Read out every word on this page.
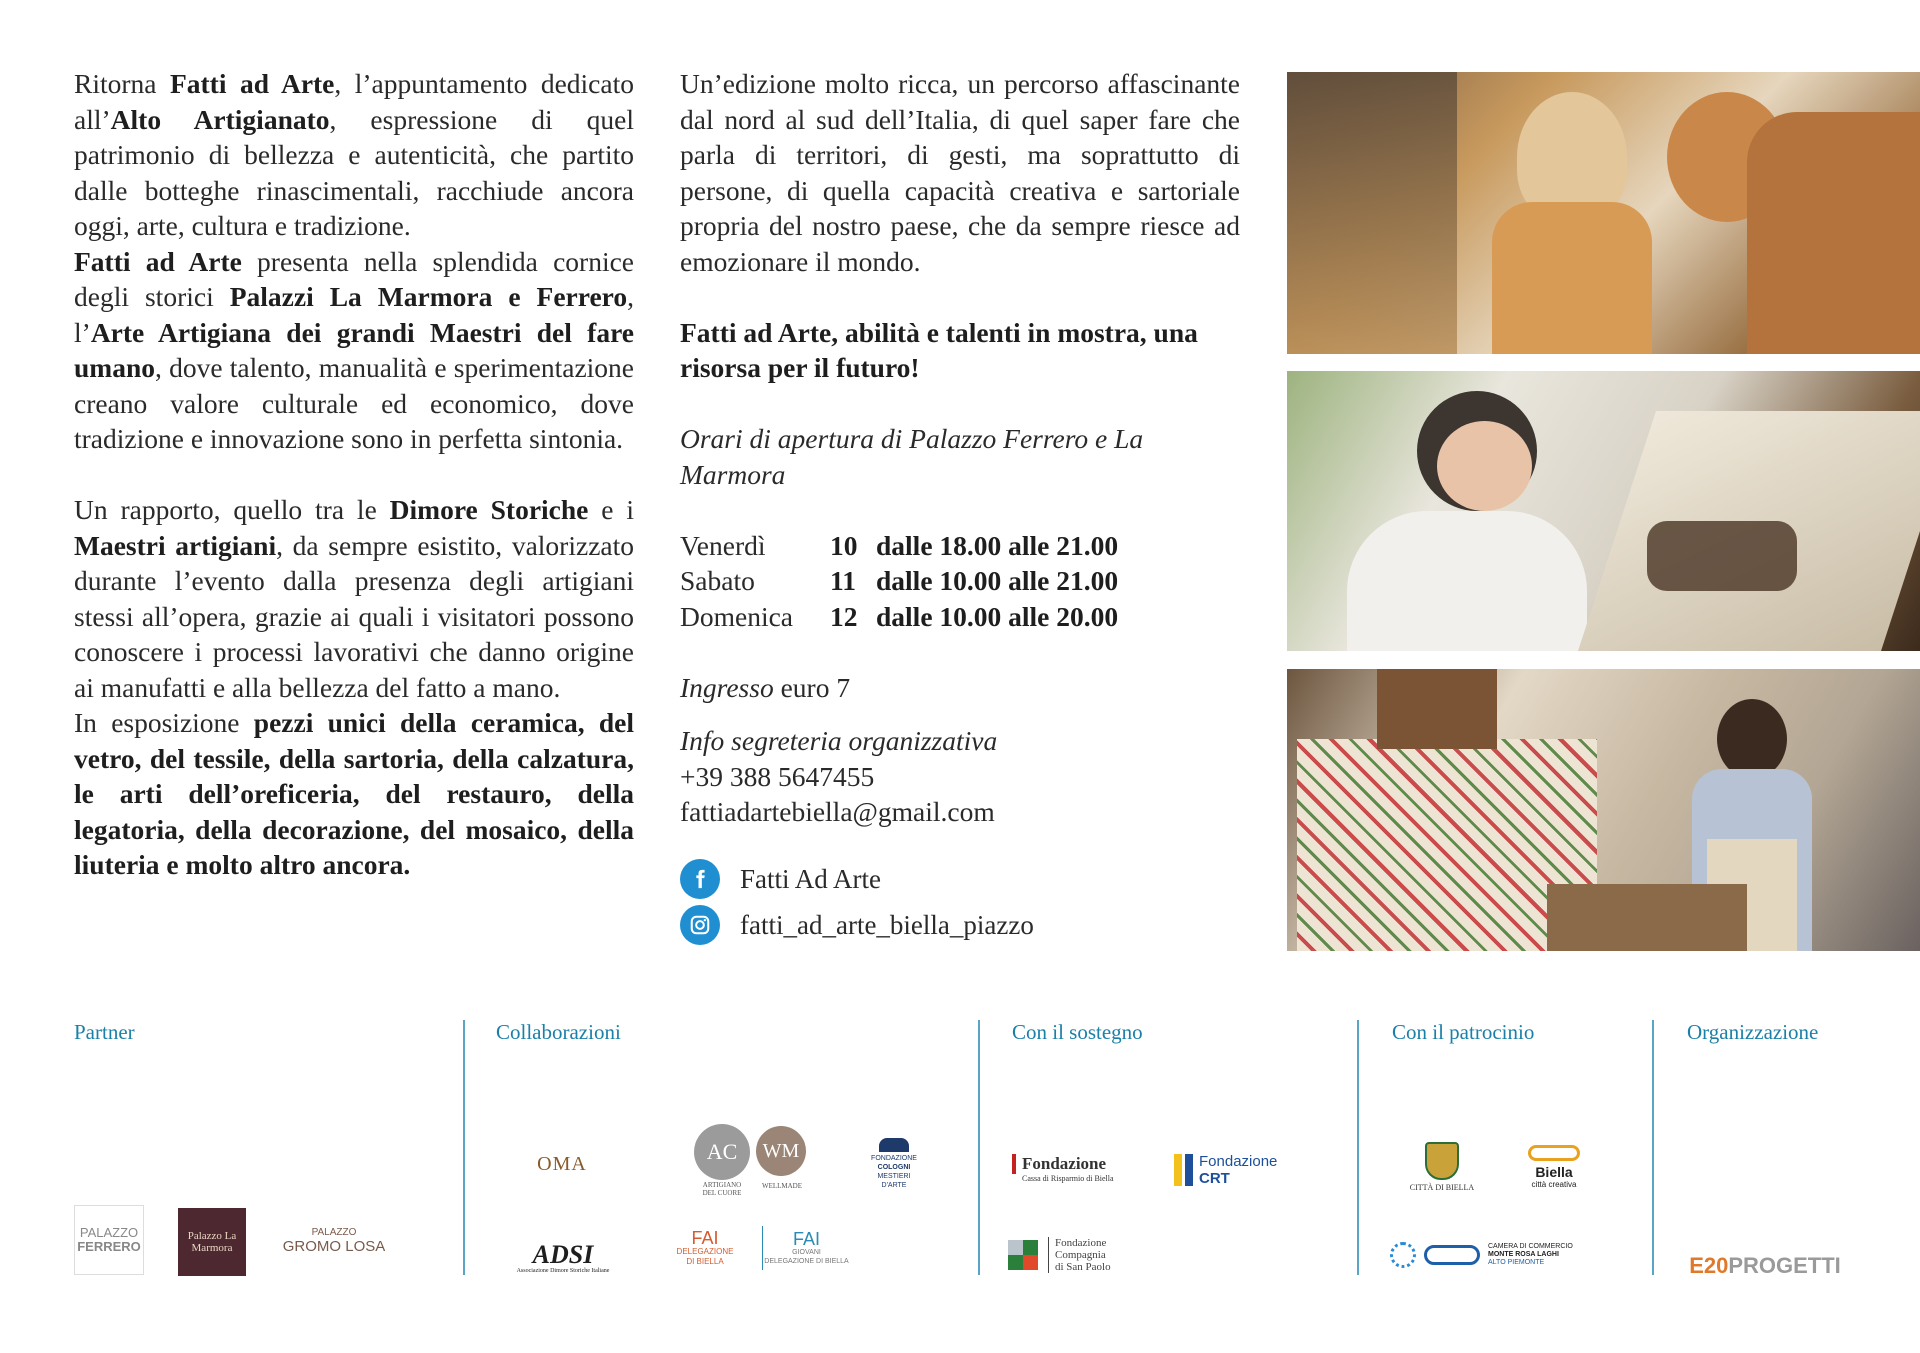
Ritorna Fatti ad Arte, l’appuntamento dedicato all’Alto Artigianato, espressione di quel patrimonio di bellezza e autenticità, che partito dalle botteghe rinascimentali, racchiude ancora oggi, arte, cultura e tradizione.

Fatti ad Arte presenta nella splendida cornice degli storici Palazzi La Marmora e Ferrero, l’Arte Artigiana dei grandi Maestri del fare umano, dove talento, manualità e sperimentazione creano valore culturale ed economico, dove tradizione e innovazione sono in perfetta sintonia.

Un rapporto, quello tra le Dimore Storiche e i Maestri artigiani, da sempre esistito, valorizzato durante l’evento dalla presenza degli artigiani stessi all’opera, grazie ai quali i visitatori possono conoscere i processi lavorativi che danno origine ai manufatti e alla bellezza del fatto a mano.

In esposizione pezzi unici della ceramica, del vetro, del tessile, della sartoria, della calzatura, le arti dell’oreficeria, del restauro, della legatoria, della decorazione, del mosaico, della liuteria e molto altro ancora.

Un’edizione molto ricca, un percorso affascinante dal nord al sud dell’Italia, di quel saper fare che parla di territori, di gesti, ma soprattutto di persone, di quella capacità creativa e sartoriale propria del nostro paese, che da sempre riesce ad emozionare il mondo.

Fatti ad Arte, abilità e talenti in mostra, una risorsa per il futuro!

Orari di apertura di Palazzo Ferrero e La Marmora

Venerdì	10 dalle 18.00 alle 21.00
Sabato	11 dalle 10.00 alle 21.00
Domenica	12 dalle 10.00 alle 20.00

Ingresso euro 7

Info segreteria organizzativa

+39 388 5647455

fattiadartebiella@gmail.com

Fatti Ad Arte
fatti_ad_arte_biella_piazzo
Partner	Collaborazioni	Con il sostegno	Con il patrocinio	Organizzazione
PALAZZO
FERRERO
Palazzo La Marmora
PALAZZO
GROMO LOSA
OMA	AC
ARTIGIANO
DEL CUORE
WM
WELLMADE
FONDAZIONE
COLOGNI
MESTIERI D'ARTE
ADSI
Associazione Dimore Storiche Italiane
FAI
DELEGAZIONE
DI BIELLA
FAI
GIOVANI
DELEGAZIONE DI BIELLA
Fondazione
Cassa di Risparmio di Biella
Fondazione
CRT
Fondazione
Compagnia
di San Paolo
CITTÀ DI BIELLA
Biella
città creativa
CAMERA DI COMMERCIO
MONTE ROSA LAGHI
ALTO PIEMONTE	E20 PROGETTI
